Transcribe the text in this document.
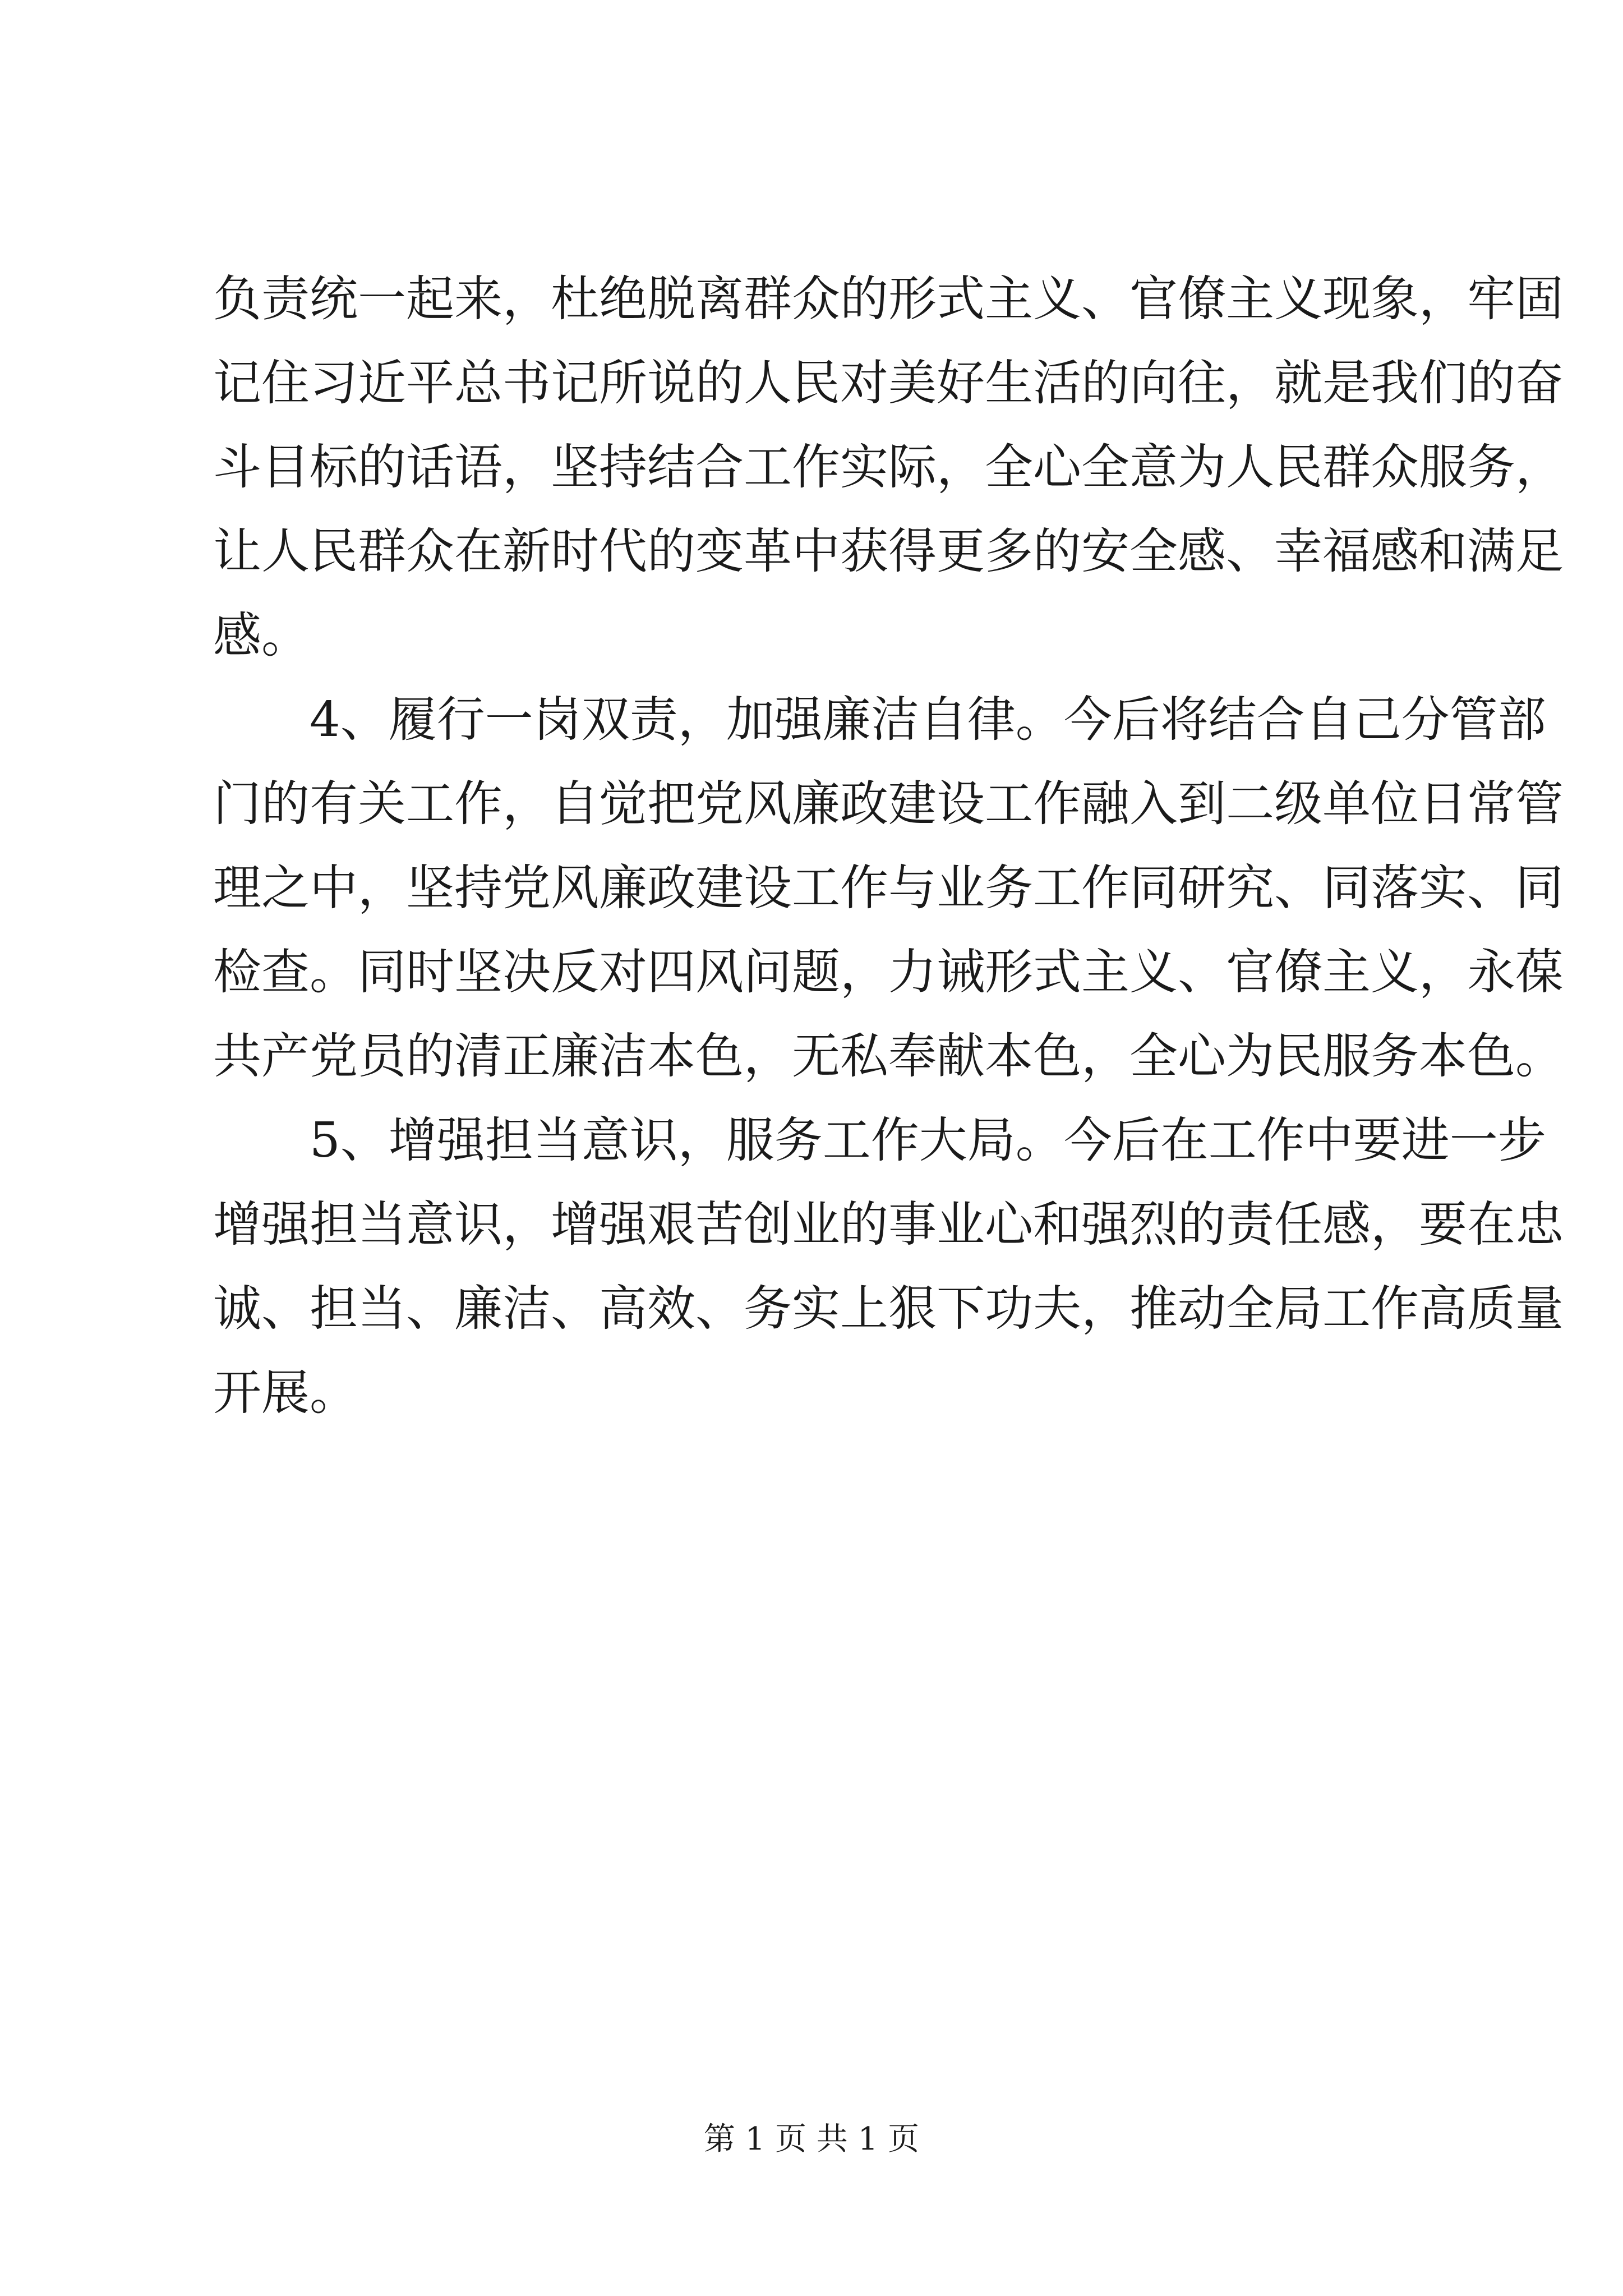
负责统一起来，杜绝脱离群众的形式主义、官僚主义现象，牢固
记住习近平总书记所说的人民对美好生活的向往，就是我们的奋
斗目标的话语，坚持结合工作实际，全心全意为人民群众服务，
让人民群众在新时代的变革中获得更多的安全感、幸福感和满足
感。
4、履行一岗双责，加强廉洁自律。今后将结合自己分管部
门的有关工作，自觉把党风廉政建设工作融入到二级单位日常管
理之中，坚持党风廉政建设工作与业务工作同研究、同落实、同
检查。同时坚决反对四风问题，力诫形式主义、官僚主义，永葆
共产党员的清正廉洁本色，无私奉献本色，全心为民服务本色。
5、增强担当意识，服务工作大局。今后在工作中要进一步
增强担当意识，增强艰苦创业的事业心和强烈的责任感，要在忠
诚、担当、廉洁、高效、务实上狠下功夫，推动全局工作高质量
开展。
第 1 页 共 1 页
